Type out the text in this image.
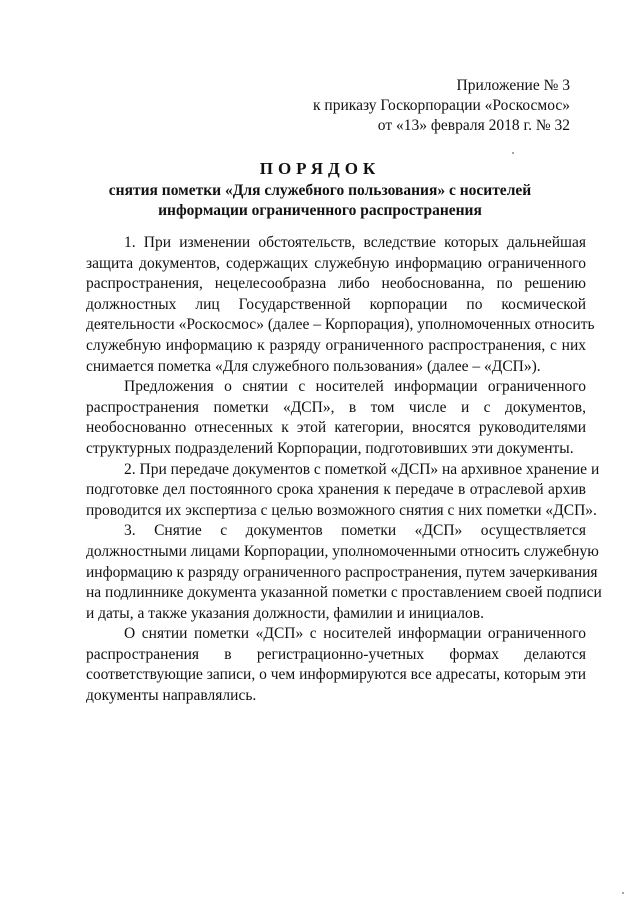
Приложение № 3
к приказу Госкорпорации «Роскосмос»
от «13» февраля 2018 г. № 32
ПОРЯДОК
снятия пометки «Для служебного пользования» с носителей
информации ограниченного распространения
1. При изменении обстоятельств, вследствие которых дальнейшая
защита документов, содержащих служебную информацию ограниченного
распространения, нецелесообразна либо необоснованна, по решению
должностных лиц Государственной корпорации по космической
деятельности «Роскосмос» (далее – Корпорация), уполномоченных относить
служебную информацию к разряду ограниченного распространения, с них
снимается пометка «Для служебного пользования» (далее – «ДСП»).
Предложения о снятии с носителей информации ограниченного
распространения пометки «ДСП», в том числе и с документов,
необоснованно отнесенных к этой категории, вносятся руководителями
структурных подразделений Корпорации, подготовивших эти документы.
2. При передаче документов с пометкой «ДСП» на архивное хранение и
подготовке дел постоянного срока хранения к передаче в отраслевой архив
проводится их экспертиза с целью возможного снятия с них пометки «ДСП».
3. Снятие с документов пометки «ДСП» осуществляется
должностными лицами Корпорации, уполномоченными относить служебную
информацию к разряду ограниченного распространения, путем зачеркивания
на подлиннике документа указанной пометки с проставлением своей подписи
и даты, а также указания должности, фамилии и инициалов.
О снятии пометки «ДСП» с носителей информации ограниченного
распространения в регистрационно-учетных формах делаются
соответствующие записи, о чем информируются все адресаты, которым эти
документы направлялись.
